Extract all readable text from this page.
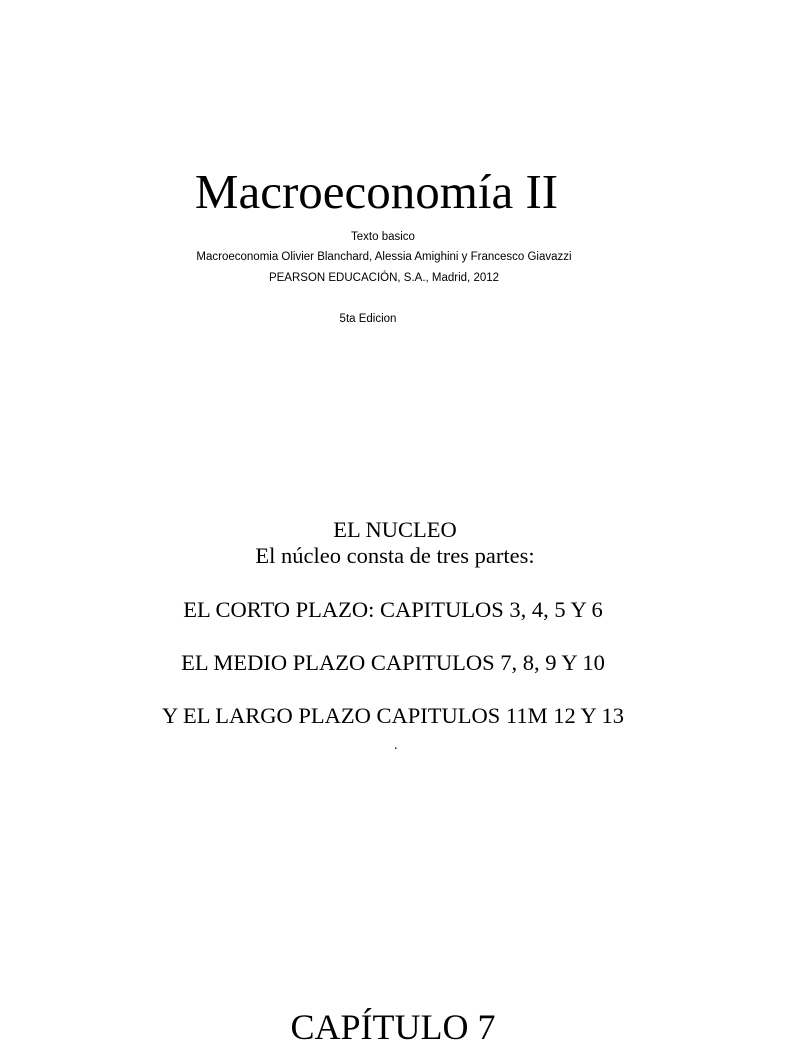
Macroeconomía II
Texto basico
Macroeconomia Olivier Blanchard, Alessia Amighini y Francesco Giavazzi
PEARSON EDUCACIÓN, S.A., Madrid, 2012
5ta Edicion
EL NUCLEO
El núcleo consta de tres partes:
EL CORTO PLAZO: CAPITULOS 3, 4, 5 Y 6
EL MEDIO PLAZO CAPITULOS 7, 8, 9 Y 10
Y EL LARGO PLAZO CAPITULOS 11M 12 Y 13
.
CAPÍTULO 7
